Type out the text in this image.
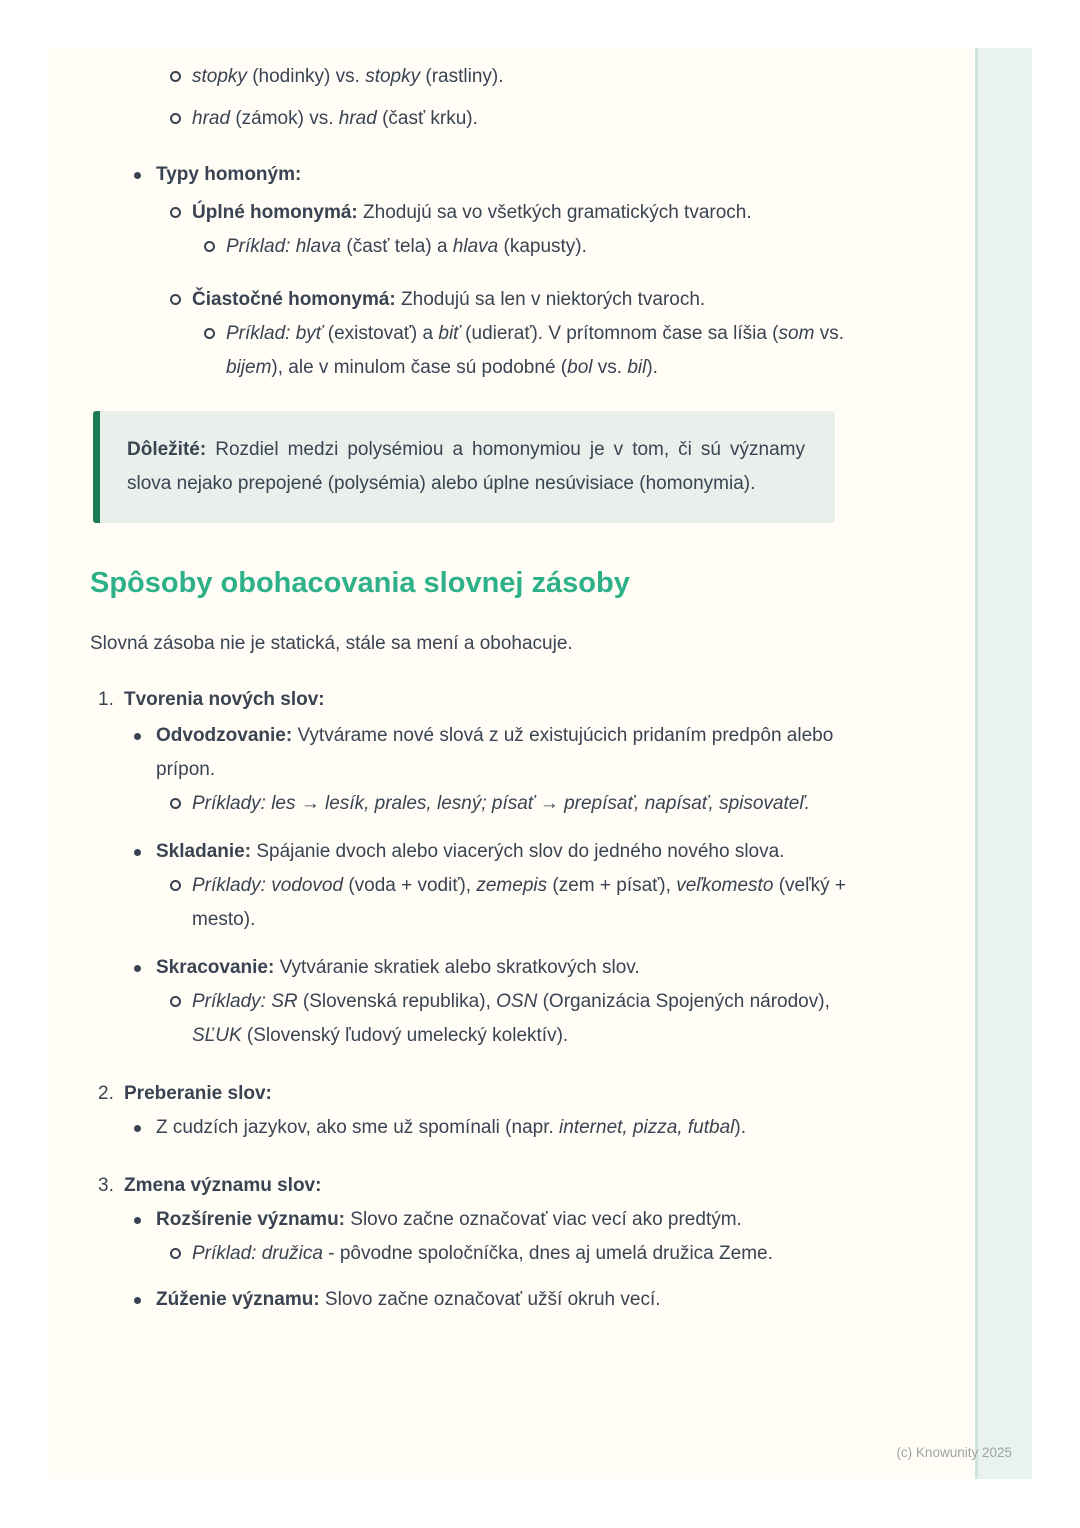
stopky (hodinky) vs. stopky (rastliny).
hrad (zámok) vs. hrad (časť krku).
Typy homoným:
Úplné homonymá: Zhodujú sa vo všetkých gramatických tvaroch.
Príklad: hlava (časť tela) a hlava (kapusty).
Čiastočné homonymá: Zhodujú sa len v niektorých tvaroch.
Príklad: byť (existovať) a biť (udierať). V prítomnom čase sa líšia (som vs. bijem), ale v minulom čase sú podobné (bol vs. bil).
Dôležité: Rozdiel medzi polysémiou a homonymiou je v tom, či sú významy slova nejako prepojené (polysémia) alebo úplne nesúvisiace (homonymia).
Spôsoby obohacovania slovnej zásoby

Slovná zásoba nie je statická, stále sa mení a obohacuje.

1. Tvorenia nových slov:
Odvodzovanie: Vytvárame nové slová z už existujúcich pridaním predpôn alebo prípon.
Príklady: les → lesík, prales, lesný; písať → prepísať, napísať, spisovateľ.
Skladanie: Spájanie dvoch alebo viacerých slov do jedného nového slova.
Príklady: vodovod (voda + vodiť), zemepis (zem + písať), veľkomesto (veľký + mesto).
Skracovanie: Vytváranie skratiek alebo skratkových slov.
Príklady: SR (Slovenská republika), OSN (Organizácia Spojených národov), SĽUK (Slovenský ľudový umelecký kolektív).
2. Preberanie slov:
Z cudzích jazykov, ako sme už spomínali (napr. internet, pizza, futbal).
3. Zmena významu slov:
Rozšírenie významu: Slovo začne označovať viac vecí ako predtým.
Príklad: družica - pôvodne spoločníčka, dnes aj umelá družica Zeme.
Zúženie významu: Slovo začne označovať užší okruh vecí.
(c) Knowunity 2025
